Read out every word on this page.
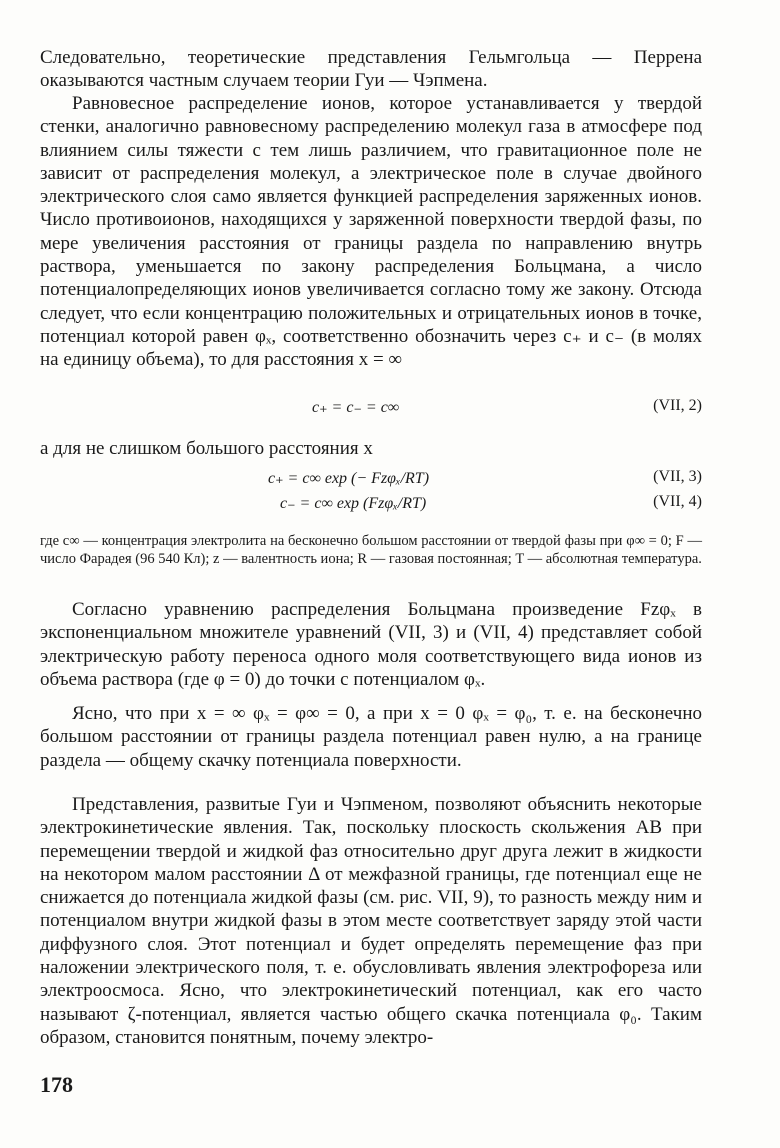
Следовательно, теоретические представления Гельмгольца — Перрена оказываются частным случаем теории Гуи — Чэпмена.
Равновесное распределение ионов, которое устанавливается у твердой стенки, аналогично равновесному распределению молекул газа в атмосфере под влиянием силы тяжести с тем лишь различием, что гравитационное поле не зависит от распределения молекул, а электрическое поле в случае двойного электрического слоя само является функцией распределения заряженных ионов. Число противоионов, находящихся у заряженной поверхности твердой фазы, по мере увеличения расстояния от границы раздела по направлению внутрь раствора, уменьшается по закону распределения Больцмана, а число потенциалопределяющих ионов увеличивается согласно тому же закону. Отсюда следует, что если концентрацию положительных и отрицательных ионов в точке, потенциал которой равен φₓ, соответственно обозначить через c₊ и c₋ (в молях на единицу объема), то для расстояния x = ∞
c₊ = c₋ = c∞	(VII, 2)
а для не слишком большого расстояния x
c₊ = c∞ exp (− Fzφₓ/RT)	(VII, 3)
c₋ = c∞ exp (Fzφₓ/RT)	(VII, 4)
где c∞ — концентрация электролита на бесконечно большом расстоянии от твердой фазы при φ∞ = 0; F — число Фарадея (96 540 Кл); z — валентность иона; R — газовая постоянная; T — абсолютная температура.
Согласно уравнению распределения Больцмана произведение Fzφₓ в экспоненциальном множителе уравнений (VII, 3) и (VII, 4) представляет собой электрическую работу переноса одного моля соответствующего вида ионов из объема раствора (где φ = 0) до точки с потенциалом φₓ.
Ясно, что при x = ∞ φₓ = φ∞ = 0, а при x = 0 φₓ = φ₀, т. е. на бесконечно большом расстоянии от границы раздела потенциал равен нулю, а на границе раздела — общему скачку потенциала поверхности.
Представления, развитые Гуи и Чэпменом, позволяют объяснить некоторые электрокинетические явления. Так, поскольку плоскость скольжения AB при перемещении твердой и жидкой фаз относительно друг друга лежит в жидкости на некотором малом расстоянии Δ от межфазной границы, где потенциал еще не снижается до потенциала жидкой фазы (см. рис. VII, 9), то разность между ним и потенциалом внутри жидкой фазы в этом месте соответствует заряду этой части диффузного слоя. Этот потенциал и будет определять перемещение фаз при наложении электрического поля, т. е. обусловливать явления электрофореза или электроосмоса. Ясно, что электрокинетический потенциал, как его часто называют ζ-потенциал, является частью общего скачка потенциала φ₀. Таким образом, становится понятным, почему электро-
178
